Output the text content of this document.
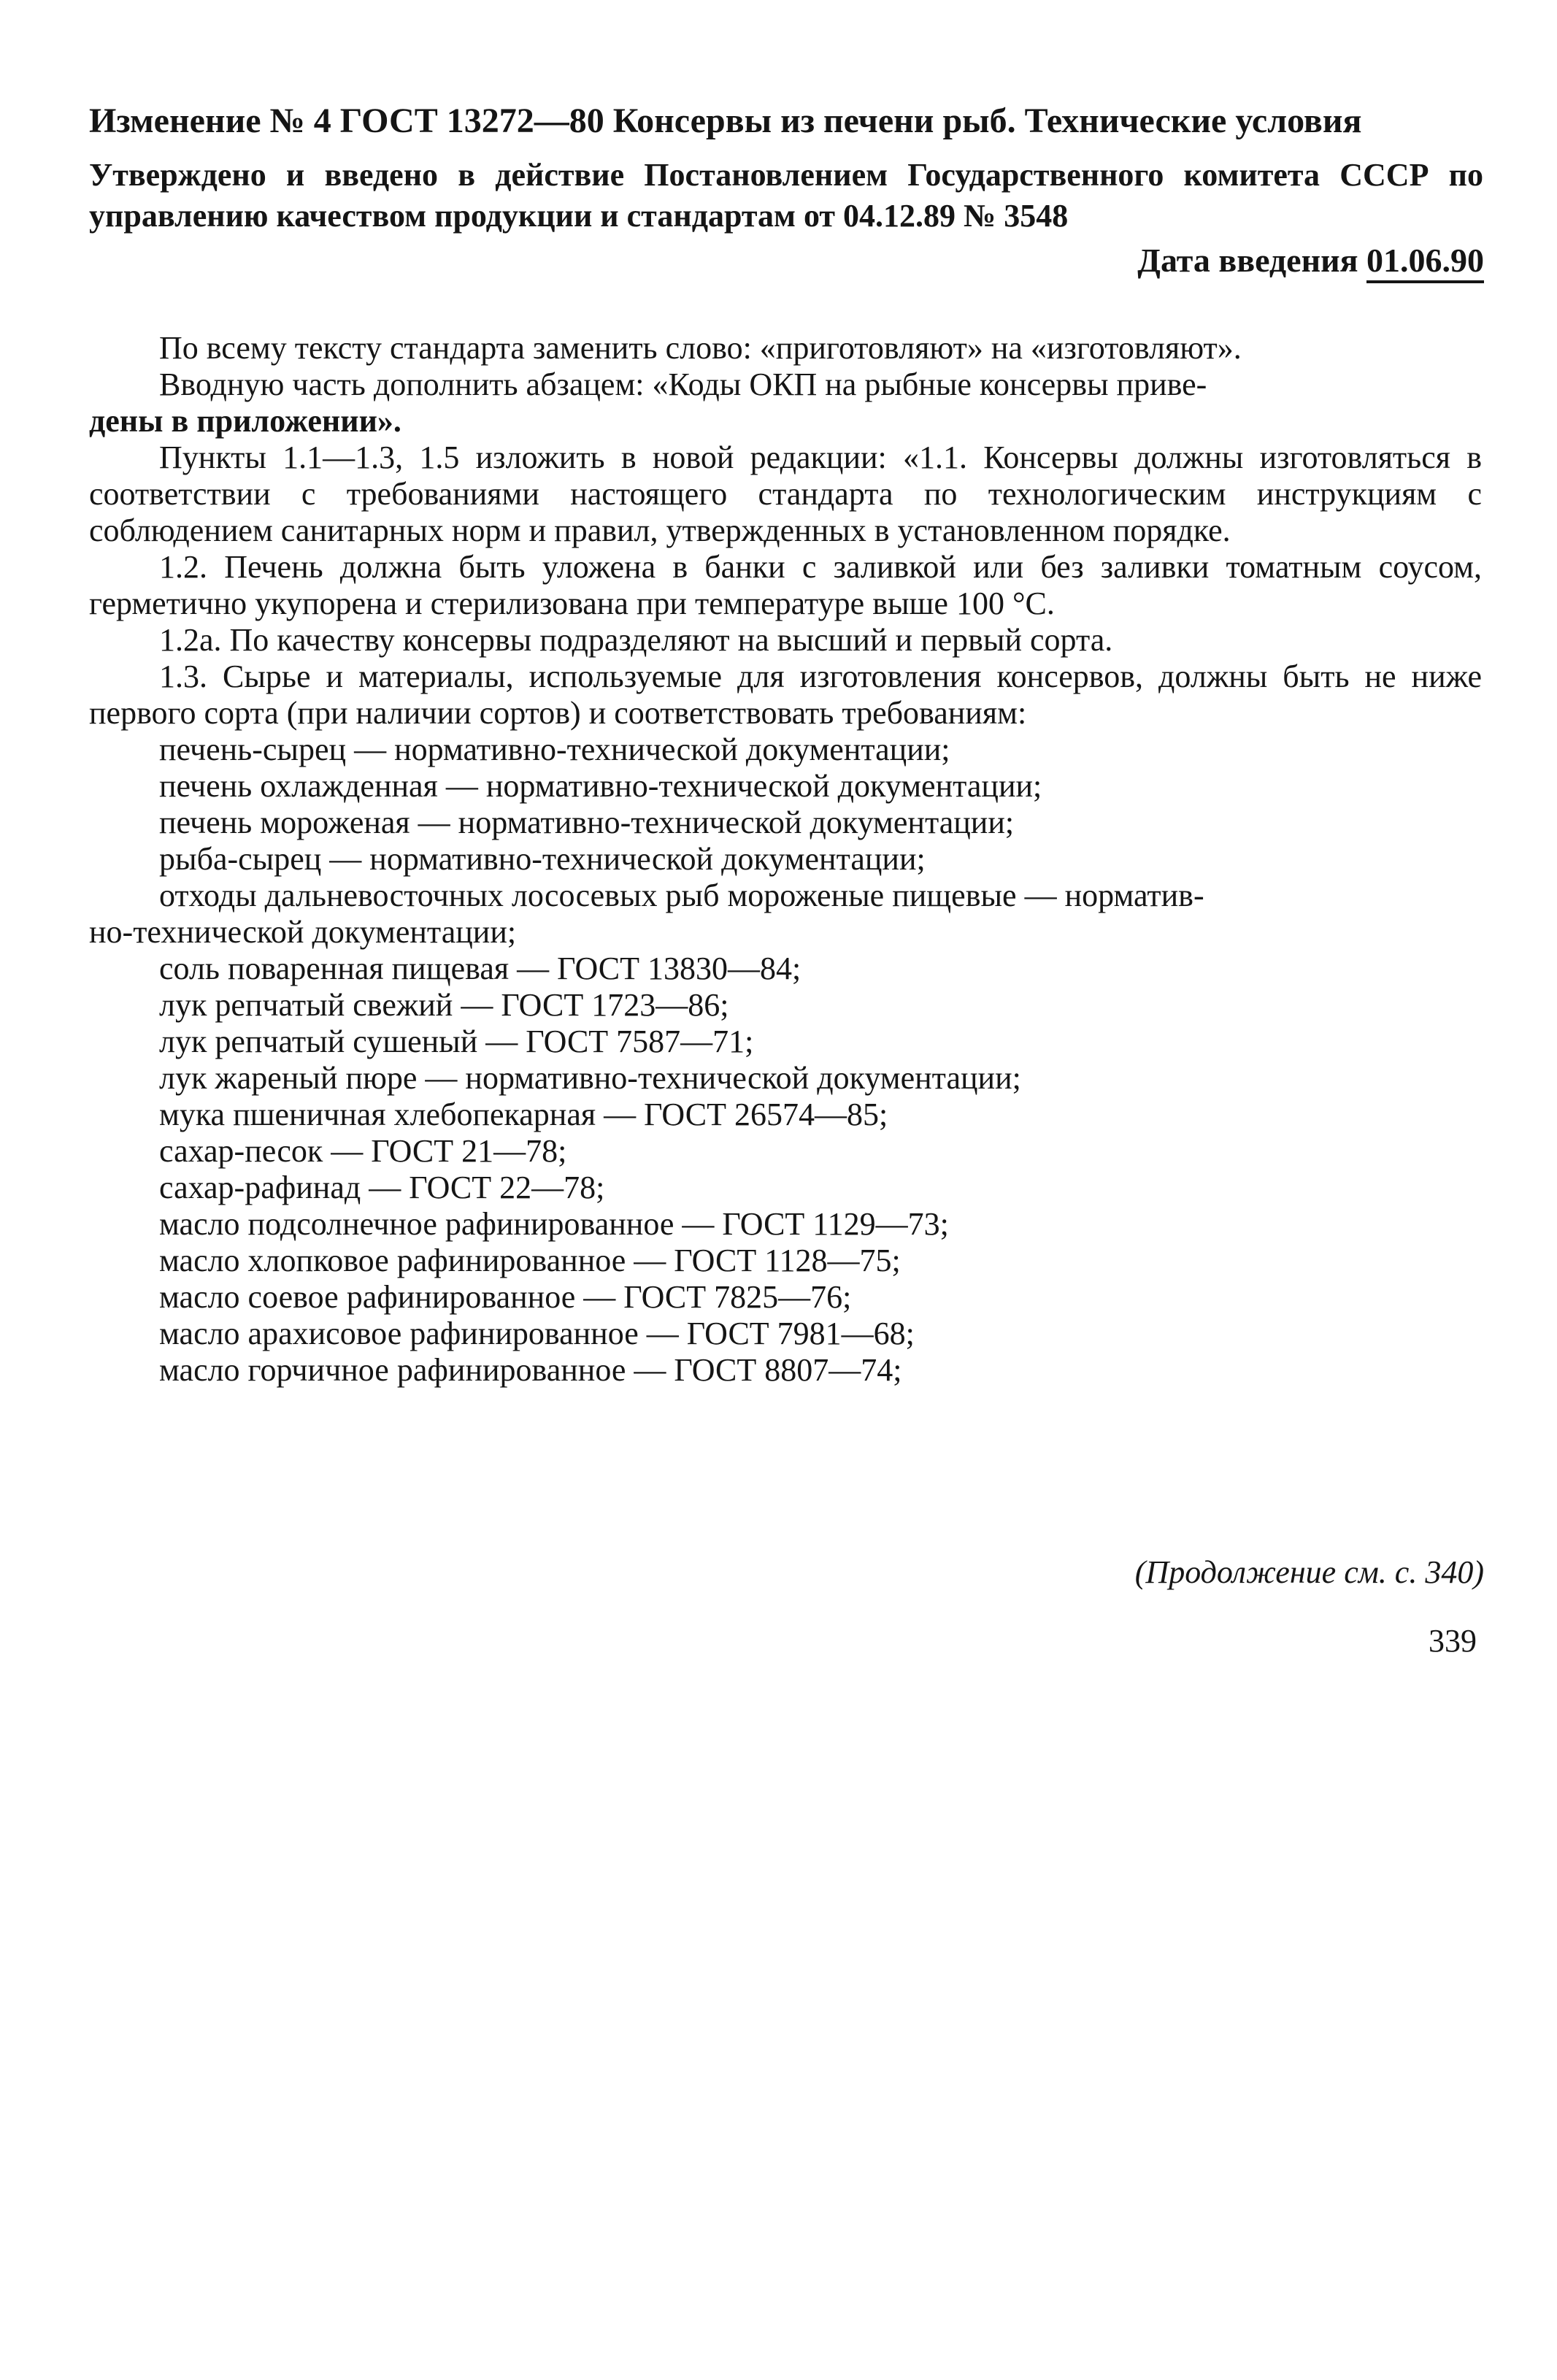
Изменение № 4 ГОСТ 13272—80 Консервы из печени рыб. Технические условия
Утверждено и введено в действие Постановлением Государственного комитета СССР по управлению качеством продукции и стандартам от 04.12.89 № 3548
Дата введения 01.06.90

По всему тексту стандарта заменить слово: «приготовляют» на «изготовляют».

Вводную часть дополнить абзацем: «Коды ОКП на рыбные консервы приве-
дены в приложении».

Пункты 1.1—1.3, 1.5 изложить в новой редакции: «1.1. Консервы должны изготовляться в соответствии с требованиями настоящего стандарта по технологическим инструкциям с соблюдением санитарных норм и правил, утвержденных в установленном порядке.

1.2. Печень должна быть уложена в банки с заливкой или без заливки томатным соусом, герметично укупорена и стерилизована при температуре выше 100 °С.

1.2а. По качеству консервы подразделяют на высший и первый сорта.

1.3. Сырье и материалы, используемые для изготовления консервов, должны быть не ниже первого сорта (при наличии сортов) и соответствовать требованиям:

печень-сырец — нормативно-технической документации;

печень охлажденная — нормативно-технической документации;

печень мороженая — нормативно-технической документации;

рыба-сырец — нормативно-технической документации;

отходы дальневосточных лососевых рыб мороженые пищевые — норматив-

но-технической документации;

соль поваренная пищевая — ГОСТ 13830—84;

лук репчатый свежий — ГОСТ 1723—86;

лук репчатый сушеный — ГОСТ 7587—71;

лук жареный пюре — нормативно-технической документации;

мука пшеничная хлебопекарная — ГОСТ 26574—85;

сахар-песок — ГОСТ 21—78;

сахар-рафинад — ГОСТ 22—78;

масло подсолнечное рафинированное — ГОСТ 1129—73;

масло хлопковое рафинированное — ГОСТ 1128—75;

масло соевое рафинированное — ГОСТ 7825—76;

масло арахисовое рафинированное — ГОСТ 7981—68;

масло горчичное рафинированное — ГОСТ 8807—74;

(Продолжение см. с. 340)
339
